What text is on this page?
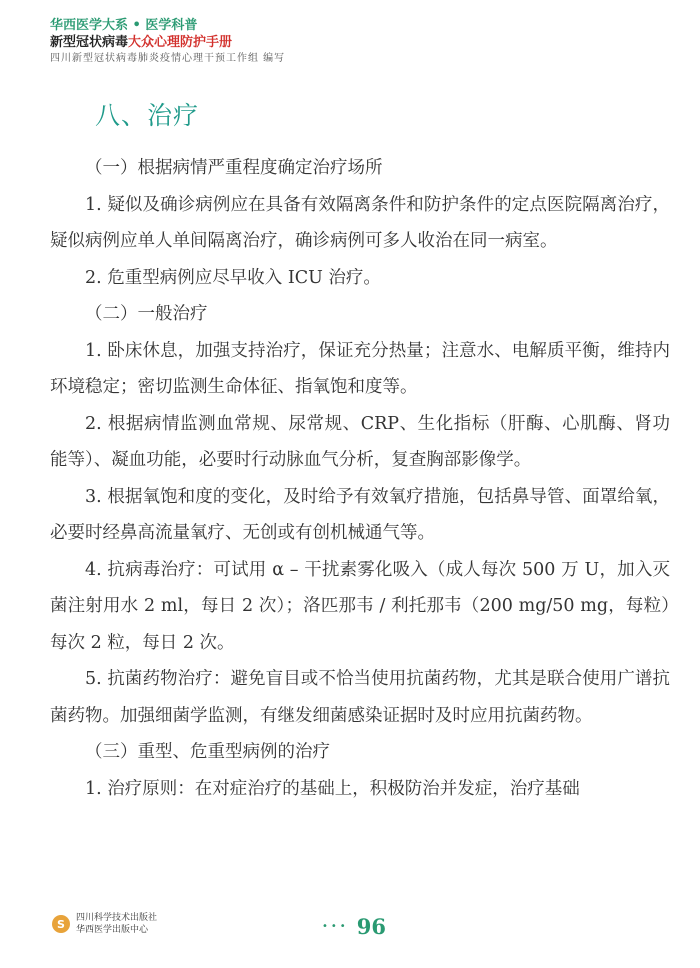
华西医学大系 • 医学科普
新型冠状病毒大众心理防护手册
四川新型冠状病毒肺炎疫情心理干预工作组 编写
八、治疗

（一）根据病情严重程度确定治疗场所

1. 疑似及确诊病例应在具备有效隔离条件和防护条件的定点医院隔离治疗，疑似病例应单人单间隔离治疗，确诊病例可多人收治在同一病室。

2. 危重型病例应尽早收入 ICU 治疗。

（二）一般治疗

1. 卧床休息，加强支持治疗，保证充分热量；注意水、电解质平衡，维持内环境稳定；密切监测生命体征、指氧饱和度等。

2. 根据病情监测血常规、尿常规、CRP、生化指标（肝酶、心肌酶、肾功能等）、凝血功能，必要时行动脉血气分析，复查胸部影像学。

3. 根据氧饱和度的变化，及时给予有效氧疗措施，包括鼻导管、面罩给氧，必要时经鼻高流量氧疗、无创或有创机械通气等。

4. 抗病毒治疗：可试用 α – 干扰素雾化吸入（成人每次 500 万 U，加入灭菌注射用水 2 ml，每日 2 次）；洛匹那韦 / 利托那韦（200 mg/50 mg，每粒）每次 2 粒，每日 2 次。

5. 抗菌药物治疗：避免盲目或不恰当使用抗菌药物，尤其是联合使用广谱抗菌药物。加强细菌学监测，有继发细菌感染证据时及时应用抗菌药物。

（三）重型、危重型病例的治疗

1. 治疗原则：在对症治疗的基础上，积极防治并发症，治疗基础

S	四川科学技术出版社
华西医学出版中心	••• 96
